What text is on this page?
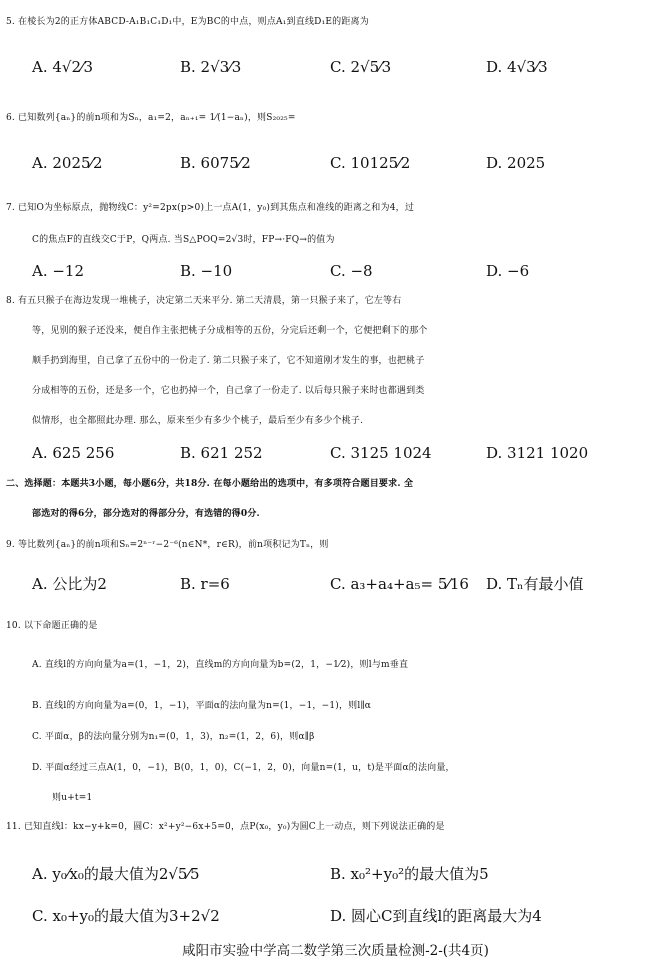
5. 在棱长为2的正方体ABCD-A₁B₁C₁D₁中，E为BC的中点，则点A₁到直线D₁E的距离为
A. 4√2⁄3	B. 2√3⁄3	C. 2√5⁄3	D. 4√3⁄3
6. 已知数列{aₙ}的前n项和为Sₙ，a₁=2，aₙ₊₁= 1⁄(1−aₙ)，则S₂₀₂₅=
A. 2025⁄2	B. 6075⁄2	C. 10125⁄2	D. 2025
7. 已知O为坐标原点，抛物线C：y²=2px(p>0)上一点A(1，y₀)到其焦点和准线的距离之和为4，过
C的焦点F的直线交C于P，Q两点. 当S△POQ=2√3时，FP→·FQ→的值为
A. −12	B. −10	C. −8	D. −6
8. 有五只猴子在海边发现一堆桃子，决定第二天来平分. 第二天清晨，第一只猴子来了，它左等右
等，见别的猴子还没来，便自作主张把桃子分成相等的五份，分完后还剩一个，它便把剩下的那个
顺手扔到海里，自己拿了五份中的一份走了. 第二只猴子来了，它不知道刚才发生的事，也把桃子
分成相等的五份，还是多一个，它也扔掉一个，自己拿了一份走了. 以后每只猴子来时也都遇到类
似情形，也全都照此办理. 那么，原来至少有多少个桃子，最后至少有多少个桃子.
A. 625 256	B. 621 252	C. 3125 1024	D. 3121 1020
二、选择题：本题共3小题，每小题6分，共18分. 在每小题给出的选项中，有多项符合题目要求. 全
部选对的得6分，部分选对的得部分分，有选错的得0分.
9. 等比数列{aₙ}的前n项和Sₙ=2ⁿ⁻ʳ−2⁻⁶(n∈N*，r∈R)，前n项积记为Tₙ，则
A. 公比为2	B. r=6	C. a₃+a₄+a₅= 5⁄16 D. Tₙ有最小值
10. 以下命题正确的是
A. 直线l的方向向量为a=(1，−1，2)，直线m的方向向量为b=(2，1，−1⁄2)，则l与m垂直
B. 直线l的方向向量为a=(0，1，−1)，平面α的法向量为n=(1，−1，−1)，则l∥α
C. 平面α，β的法向量分别为n₁=(0，1，3)，n₂=(1，2，6)，则α∥β
D. 平面α经过三点A(1，0，−1)，B(0，1，0)，C(−1，2，0)，向量n=(1，u，t)是平面α的法向量，
则u+t=1
11. 已知直线l：kx−y+k=0，圆C：x²+y²−6x+5=0，点P(x₀，y₀)为圆C上一动点，则下列说法正确的是
A. y₀⁄x₀的最大值为2√5⁄5	B. x₀²+y₀²的最大值为5
C. x₀+y₀的最大值为3+2√2	D. 圆心C到直线l的距离最大为4
咸阳市实验中学高二数学第三次质量检测-2-(共4页)
